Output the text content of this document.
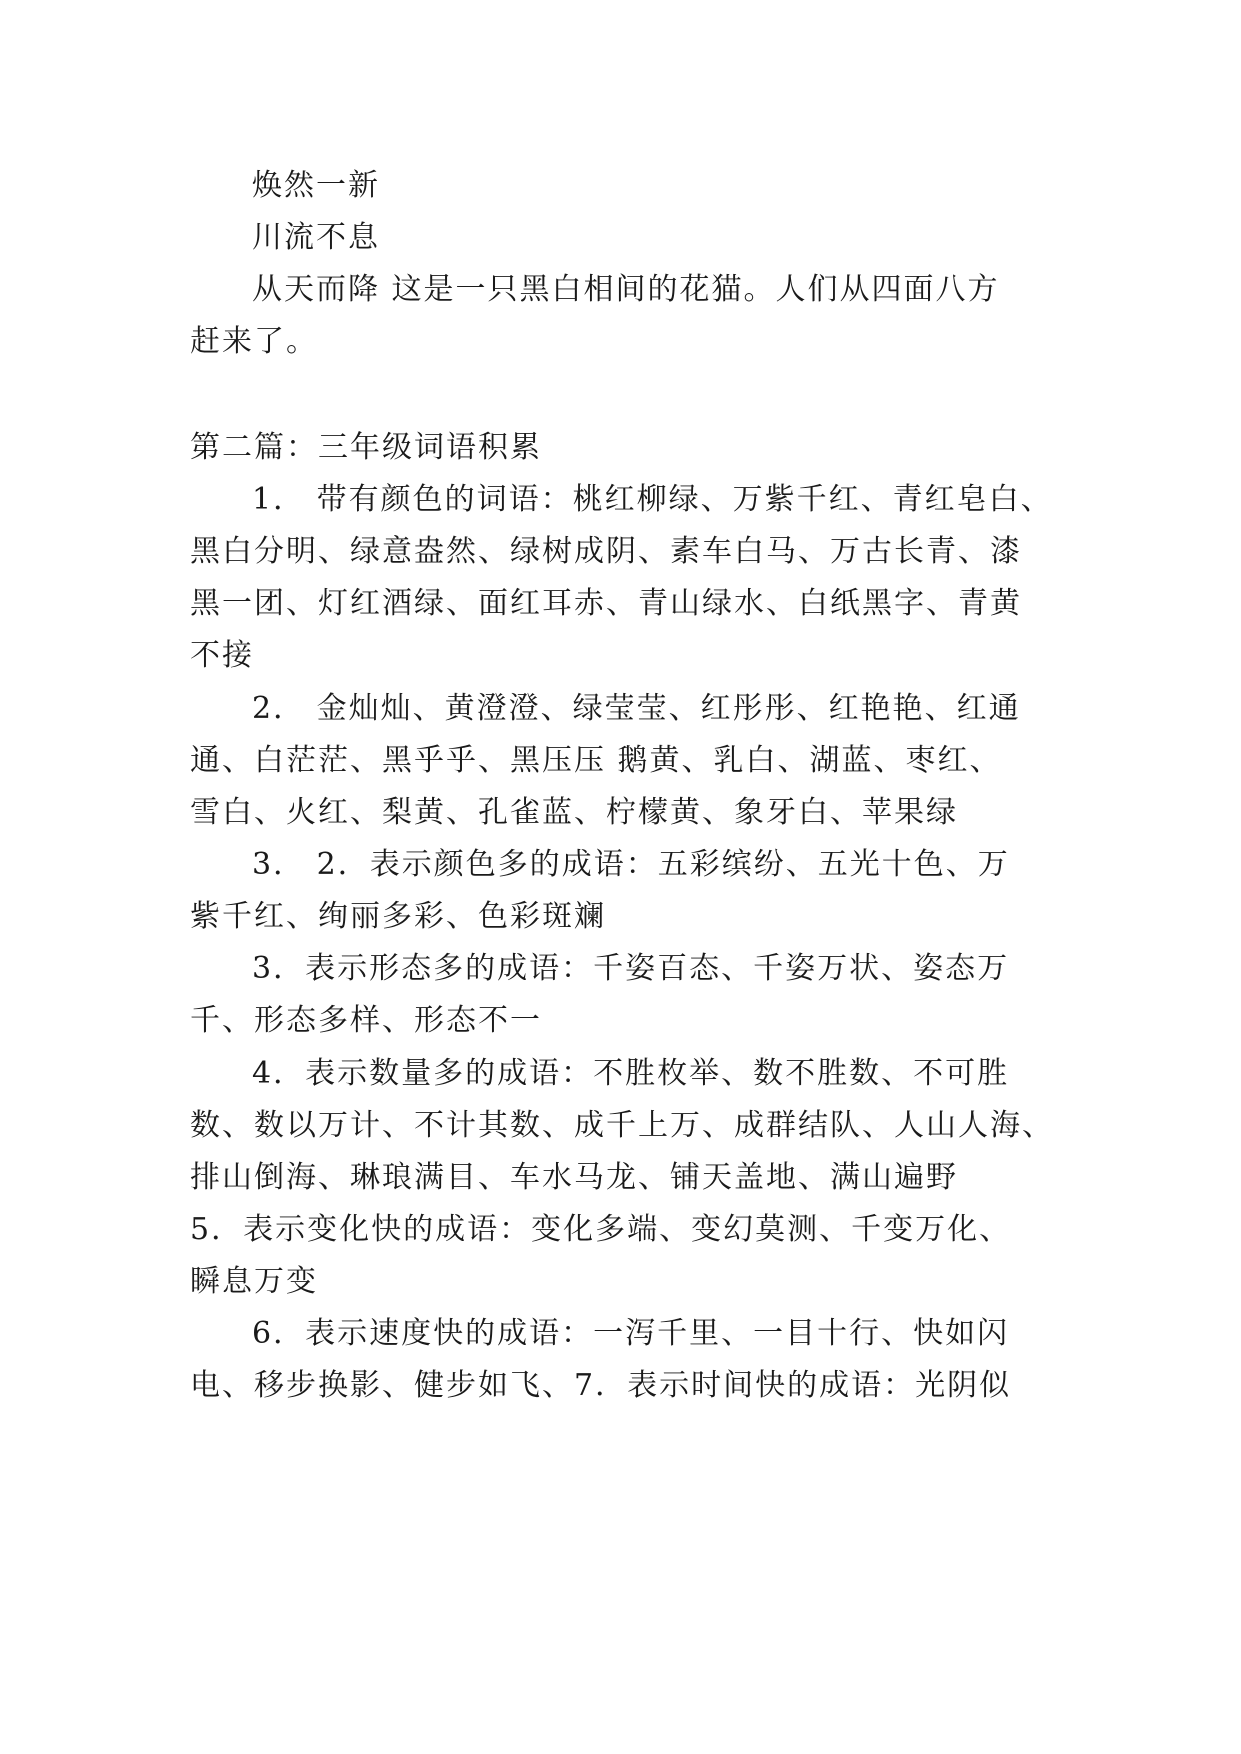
焕然一新
川流不息
从天而降 这是一只黑白相间的花猫。人们从四面八方
赶来了。
第二篇：三年级词语积累
1． 带有颜色的词语：桃红柳绿、万紫千红、青红皂白、
黑白分明、绿意盎然、绿树成阴、素车白马、万古长青、漆
黑一团、灯红酒绿、面红耳赤、青山绿水、白纸黑字、青黄
不接
2． 金灿灿、黄澄澄、绿莹莹、红彤彤、红艳艳、红通
通、白茫茫、黑乎乎、黑压压 鹅黄、乳白、湖蓝、枣红、
雪白、火红、梨黄、孔雀蓝、柠檬黄、象牙白、苹果绿
3． 2．表示颜色多的成语：五彩缤纷、五光十色、万
紫千红、绚丽多彩、色彩斑斓
3．表示形态多的成语：千姿百态、千姿万状、姿态万
千、形态多样、形态不一
4．表示数量多的成语：不胜枚举、数不胜数、不可胜
数、数以万计、不计其数、成千上万、成群结队、人山人海、
排山倒海、琳琅满目、车水马龙、铺天盖地、满山遍野
5．表示变化快的成语：变化多端、变幻莫测、千变万化、
瞬息万变
6．表示速度快的成语：一泻千里、一目十行、快如闪
电、移步换影、健步如飞、7．表示时间快的成语：光阴似
